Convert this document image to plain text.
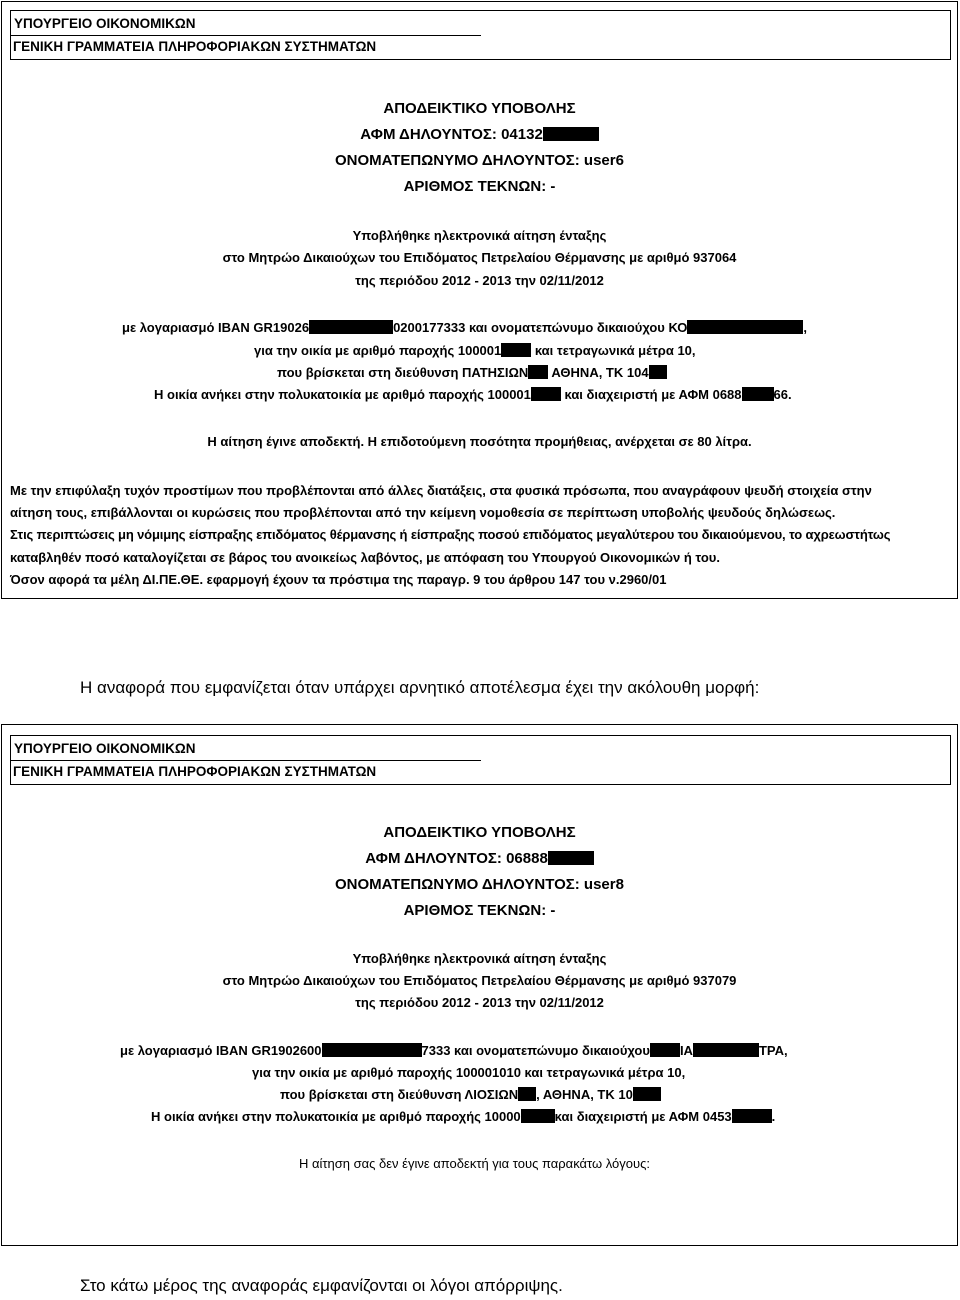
ΥΠΟΥΡΓΕΙΟ ΟΙΚΟΝΟΜΙΚΩΝ
ΓΕΝΙΚΗ ΓΡΑΜΜΑΤΕΙΑ ΠΛΗΡΟΦΟΡΙΑΚΩΝ ΣΥΣΤΗΜΑΤΩΝ
ΑΠΟΔΕΙΚΤΙΚΟ ΥΠΟΒΟΛΗΣ
ΑΦΜ ΔΗΛΟΥΝΤΟΣ: 04132
ΟΝΟΜΑΤΕΠΩΝΥΜΟ ΔΗΛΟΥΝΤΟΣ: user6
ΑΡΙΘΜΟΣ ΤΕΚΝΩΝ: -
Υποβλήθηκε ηλεκτρονικά αίτηση ένταξης
στο Μητρώο Δικαιούχων του Επιδόματος Πετρελαίου Θέρμανσης με αριθμό 937064
της περιόδου 2012 - 2013 την 02/11/2012
με λογαριασμό IBAN GR19026	0200177333 και ονοματεπώνυμο δικαιούχου ΚΟ	,
για την οικία με αριθμό παροχής 100001 και τετραγωνικά μέτρα 10,
που βρίσκεται στη διεύθυνση ΠΑΤΗΣΙΩΝ ΑΘΗΝΑ, ΤΚ 104
Η οικία ανήκει στην πολυκατοικία με αριθμό παροχής 100001 και διαχειριστή με ΑΦΜ 0688 66.
Η αίτηση έγινε αποδεκτή. Η επιδοτούμενη ποσότητα προμήθειας, ανέρχεται σε 80 λίτρα.
Με την επιφύλαξη τυχόν προστίμων που προβλέπονται από άλλες διατάξεις, στα φυσικά πρόσωπα, που αναγράφουν ψευδή στοιχεία στην
αίτηση τους, επιβάλλονται οι κυρώσεις που προβλέπονται από την κείμενη νομοθεσία σε περίπτωση υποβολής ψευδούς δηλώσεως.
Στις περιπτώσεις μη νόμιμης είσπραξης επιδόματος θέρμανσης ή είσπραξης ποσού επιδόματος μεγαλύτερου του δικαιούμενου, το αχρεωστήτως
καταβληθέν ποσό καταλογίζεται σε βάρος του ανοικείως λαβόντος, με απόφαση του Υπουργού Οικονομικών ή του.
Όσον αφορά τα μέλη ΔΙ.ΠΕ.ΘΕ. εφαρμογή έχουν τα πρόστιμα της παραγρ. 9 του άρθρου 147 του ν.2960/01
Η αναφορά που εμφανίζεται όταν υπάρχει αρνητικό αποτέλεσμα έχει την ακόλουθη μορφή:
ΥΠΟΥΡΓΕΙΟ ΟΙΚΟΝΟΜΙΚΩΝ
ΓΕΝΙΚΗ ΓΡΑΜΜΑΤΕΙΑ ΠΛΗΡΟΦΟΡΙΑΚΩΝ ΣΥΣΤΗΜΑΤΩΝ
ΑΠΟΔΕΙΚΤΙΚΟ ΥΠΟΒΟΛΗΣ
ΑΦΜ ΔΗΛΟΥΝΤΟΣ: 06888
ΟΝΟΜΑΤΕΠΩΝΥΜΟ ΔΗΛΟΥΝΤΟΣ: user8
ΑΡΙΘΜΟΣ ΤΕΚΝΩΝ: -
Υποβλήθηκε ηλεκτρονικά αίτηση ένταξης
στο Μητρώο Δικαιούχων του Επιδόματος Πετρελαίου Θέρμανσης με αριθμό 937079
της περιόδου 2012 - 2013 την 02/11/2012
με λογαριασμό IBAN GR1902600	7333 και ονοματεπώνυμο δικαιούχου ΙΑ	ΤΡΑ,
για την οικία με αριθμό παροχής 100001010 και τετραγωνικά μέτρα 10,
που βρίσκεται στη διεύθυνση ΛΙΟΣΙΩΝ , ΑΘΗΝΑ, ΤΚ 10
Η οικία ανήκει στην πολυκατοικία με αριθμό παροχής 10000	και διαχειριστή με ΑΦΜ 0453	.
Η αίτηση σας δεν έγινε αποδεκτή για τους παρακάτω λόγους:
Στο κάτω μέρος της αναφοράς εμφανίζονται οι λόγοι απόρριψης.
